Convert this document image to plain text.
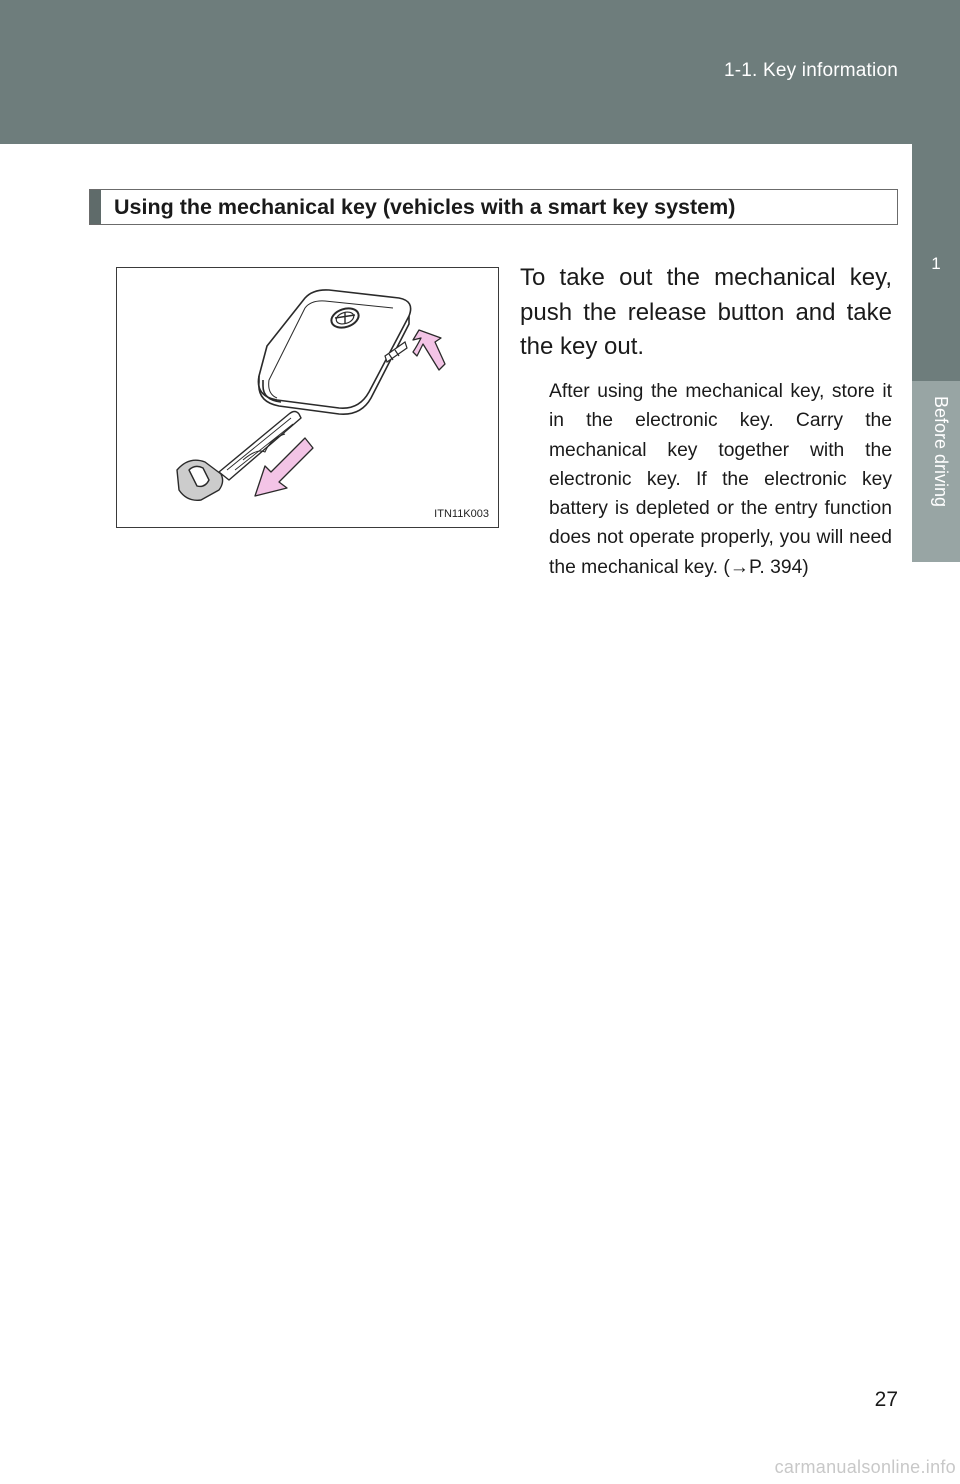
1-1. Key information
1
Before driving
Using the mechanical key (vehicles with a smart key system)
ITN11K003

To take out the mechanical key, push the release button and take the key out.

After using the mechanical key, store it in the electronic key. Carry the mechanical key together with the electronic key. If the electronic key battery is depleted or the entry function does not operate properly, you will need the mechanical key. (→P. 394)

27
carmanualsonline.info
